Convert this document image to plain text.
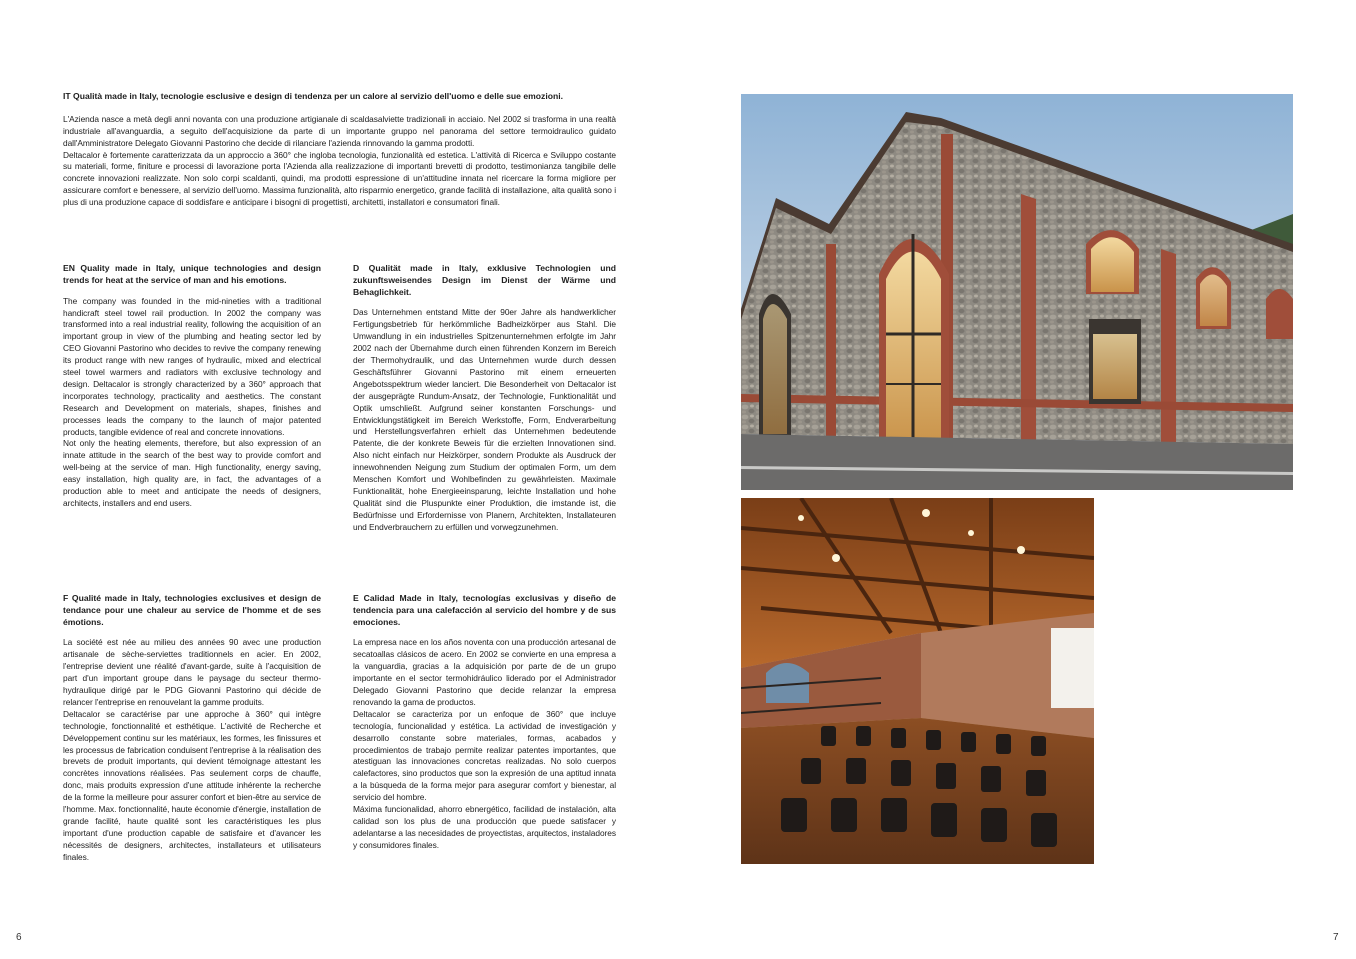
IT Qualità made in Italy, tecnologie esclusive e design di tendenza per un calore al servizio dell'uomo e delle sue emozioni.

L'Azienda nasce a metà degli anni novanta con una produzione artigianale di scaldasalviette tradizionali in acciaio. Nel 2002 si trasforma in una realtà industriale all'avanguardia, a seguito dell'acquisizione da parte di un importante gruppo nel panorama del settore termoidraulico guidato dall'Amministratore Delegato Giovanni Pastorino che decide di rilanciare l'azienda rinnovando la gamma prodotti.

Deltacalor è fortemente caratterizzata da un approccio a 360° che ingloba tecnologia, funzionalità ed estetica. L'attività di Ricerca e Sviluppo costante su materiali, forme, finiture e processi di lavorazione porta l'Azienda alla realizzazione di importanti brevetti di prodotto, testimonianza tangibile delle concrete innovazioni realizzate. Non solo corpi scaldanti, quindi, ma prodotti espressione di un'attitudine innata nel ricercare la forma migliore per assicurare comfort e benessere, al servizio dell'uomo. Massima funzionalità, alto risparmio energetico, grande facilità di installazione, alta qualità sono i plus di una produzione capace di soddisfare e anticipare i bisogni di progettisti, architetti, installatori e consumatori finali.

EN Quality made in Italy, unique technologies and design trends for heat at the service of man and his emotions.

The company was founded in the mid-nineties with a traditional handicraft steel towel rail production. In 2002 the company was transformed into a real industrial reality, following the acquisition of an important group in view of the plumbing and heating sector led by CEO Giovanni Pastorino who decides to revive the company renewing its product range with new ranges of hydraulic, mixed and electrical steel towel warmers and radiators with exclusive technology and design. Deltacalor is strongly characterized by a 360° approach that incorporates technology, practicality and aesthetics. The constant Research and Development on materials, shapes, finishes and processes leads the company to the launch of major patented products, tangible evidence of real and concrete innovations.

Not only the heating elements, therefore, but also expression of an innate attitude in the search of the best way to provide comfort and well-being at the service of man. High functionality, energy saving, easy installation, high quality are, in fact, the advantages of a production able to meet and anticipate the needs of designers, architects, installers and end users.

D Qualität made in Italy, exklusive Technologien und zukunftsweisendes Design im Dienst der Wärme und Behaglichkeit.

Das Unternehmen entstand Mitte der 90er Jahre als handwerklicher Fertigungsbetrieb für herkömmliche Badheizkörper aus Stahl. Die Umwandlung in ein industrielles Spitzenunternehmen erfolgte im Jahr 2002 nach der Übernahme durch einen führenden Konzern im Bereich der Thermohydraulik, und das Unternehmen wurde durch dessen Geschäftsführer Giovanni Pastorino mit einem erneuerten Angebotsspektrum wieder lanciert. Die Besonderheit von Deltacalor ist der ausgeprägte Rundum-Ansatz, der Technologie, Funktionalität und Optik umschließt. Aufgrund seiner konstanten Forschungs- und Entwicklungstätigkeit im Bereich Werkstoffe, Form, Endverarbeitung und Herstellungsverfahren erhielt das Unternehmen bedeutende Patente, die der konkrete Beweis für die erzielten Innovationen sind. Also nicht einfach nur Heizkörper, sondern Produkte als Ausdruck der innewohnenden Neigung zum Studium der optimalen Form, um dem Menschen Komfort und Wohlbefinden zu gewährleisten. Maximale Funktionalität, hohe Energieeinsparung, leichte Installation und hohe Qualität sind die Pluspunkte einer Produktion, die imstande ist, die Bedürfnisse und Erfordernisse von Planern, Architekten, Installateuren und Endverbrauchern zu erfüllen und vorwegzunehmen.

F Qualité made in Italy, technologies exclusives et design de tendance pour une chaleur au service de l'homme et de ses émotions.

La société est née au milieu des années 90 avec une production artisanale de sèche-serviettes traditionnels en acier. En 2002, l'entreprise devient une réalité d'avant-garde, suite à l'acquisition de part d'un important groupe dans le paysage du secteur thermo-hydraulique dirigé par le PDG Giovanni Pastorino qui décide de relancer l'entreprise en renouvelant la gamme produits.

Deltacalor se caractérise par une approche à 360° qui intègre technologie, fonctionnalité et esthétique. L'activité de Recherche et Développement continu sur les matériaux, les formes, les finissures et les processus de fabrication conduisent l'entreprise à la réalisation des brevets de produit importants, qui devient témoignage attestant les concrètes innovations réalisées. Pas seulement corps de chauffe, donc, mais produits expression d'une attitude inhérente la recherche de la forme la meilleure pour assurer confort et bien-être au service de l'homme. Max. fonctionnalité, haute économie d'énergie, installation de grande facilité, haute qualité sont les caractéristiques les plus important d'une production capable de satisfaire et d'avancer les nécessités de designers, architectes, installateurs et utilisateurs finales.

E Calidad Made in Italy, tecnologías exclusivas y diseño de tendencia para una calefacción al servicio del hombre y de sus emociones.

La empresa nace en los años noventa con una producción artesanal de secatoallas clásicos de acero. En 2002 se convierte en una empresa a la vanguardia, gracias a la adquisición por parte de de un grupo importante en el sector termohidráulico liderado por el Administrador Delegado Giovanni Pastorino que decide relanzar la empresa renovando la gama de productos.

Deltacalor se caracteriza por un enfoque de 360° que incluye tecnología, funcionalidad y estética. La actividad de investigación y desarrollo constante sobre materiales, formas, acabados y procedimientos de trabajo permite realizar patentes importantes, que atestiguan las innovaciones concretas realizadas. No solo cuerpos calefactores, sino productos que son la expresión de una aptitud innata a la búsqueda de la forma mejor para asegurar comfort y bienestar, al servicio del hombre.

Máxima funcionalidad, ahorro ebnergético, facilidad de instalación, alta calidad son los plus de una producción que puede satisfacer y adelantarse a las necesidades de proyectistas, arquitectos, instaladores y consumidores finales.

6	7
